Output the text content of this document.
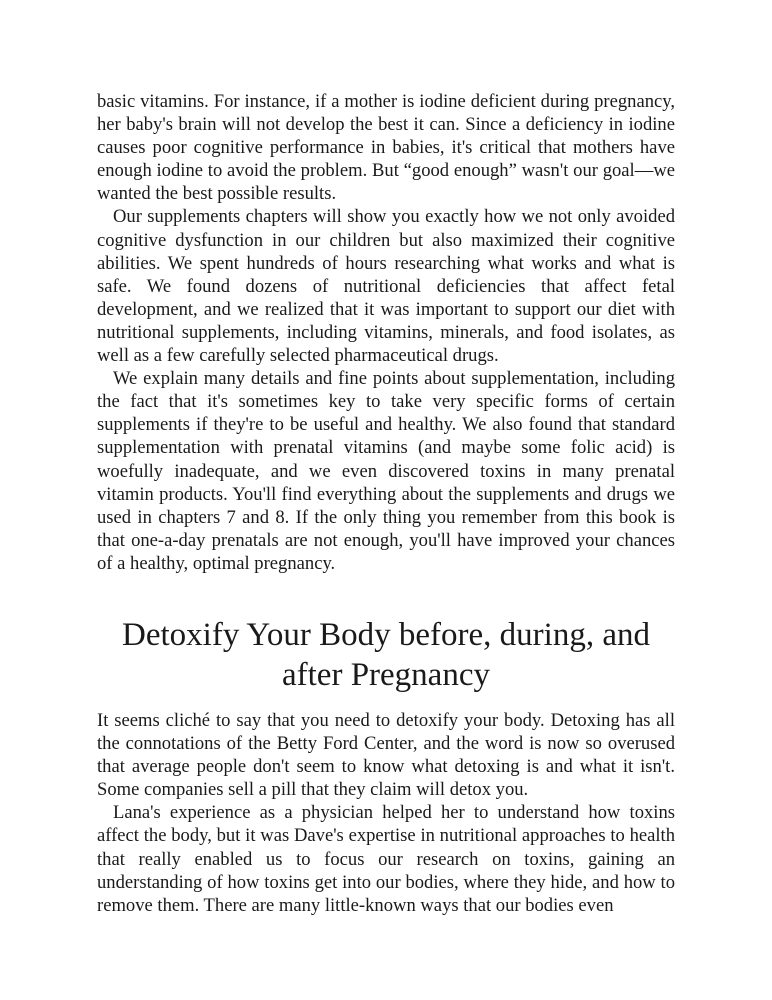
basic vitamins. For instance, if a mother is iodine deficient during pregnancy, her baby's brain will not develop the best it can. Since a deficiency in iodine causes poor cognitive performance in babies, it's critical that mothers have enough iodine to avoid the problem. But “good enough” wasn't our goal—we wanted the best possible results.

Our supplements chapters will show you exactly how we not only avoided cognitive dysfunction in our children but also maximized their cognitive abilities. We spent hundreds of hours researching what works and what is safe. We found dozens of nutritional deficiencies that affect fetal development, and we realized that it was important to support our diet with nutritional supplements, including vitamins, minerals, and food isolates, as well as a few carefully selected pharmaceutical drugs.

We explain many details and fine points about supplementation, including the fact that it's sometimes key to take very specific forms of certain supplements if they're to be useful and healthy. We also found that standard supplementation with prenatal vitamins (and maybe some folic acid) is woefully inadequate, and we even discovered toxins in many prenatal vitamin products. You'll find everything about the supplements and drugs we used in chapters 7 and 8. If the only thing you remember from this book is that one-a-day prenatals are not enough, you'll have improved your chances of a healthy, optimal pregnancy.

Detoxify Your Body before, during, and after Pregnancy

It seems cliché to say that you need to detoxify your body. Detoxing has all the connotations of the Betty Ford Center, and the word is now so overused that average people don't seem to know what detoxing is and what it isn't. Some companies sell a pill that they claim will detox you.

Lana's experience as a physician helped her to understand how toxins affect the body, but it was Dave's expertise in nutritional approaches to health that really enabled us to focus our research on toxins, gaining an understanding of how toxins get into our bodies, where they hide, and how to remove them. There are many little-known ways that our bodies even
